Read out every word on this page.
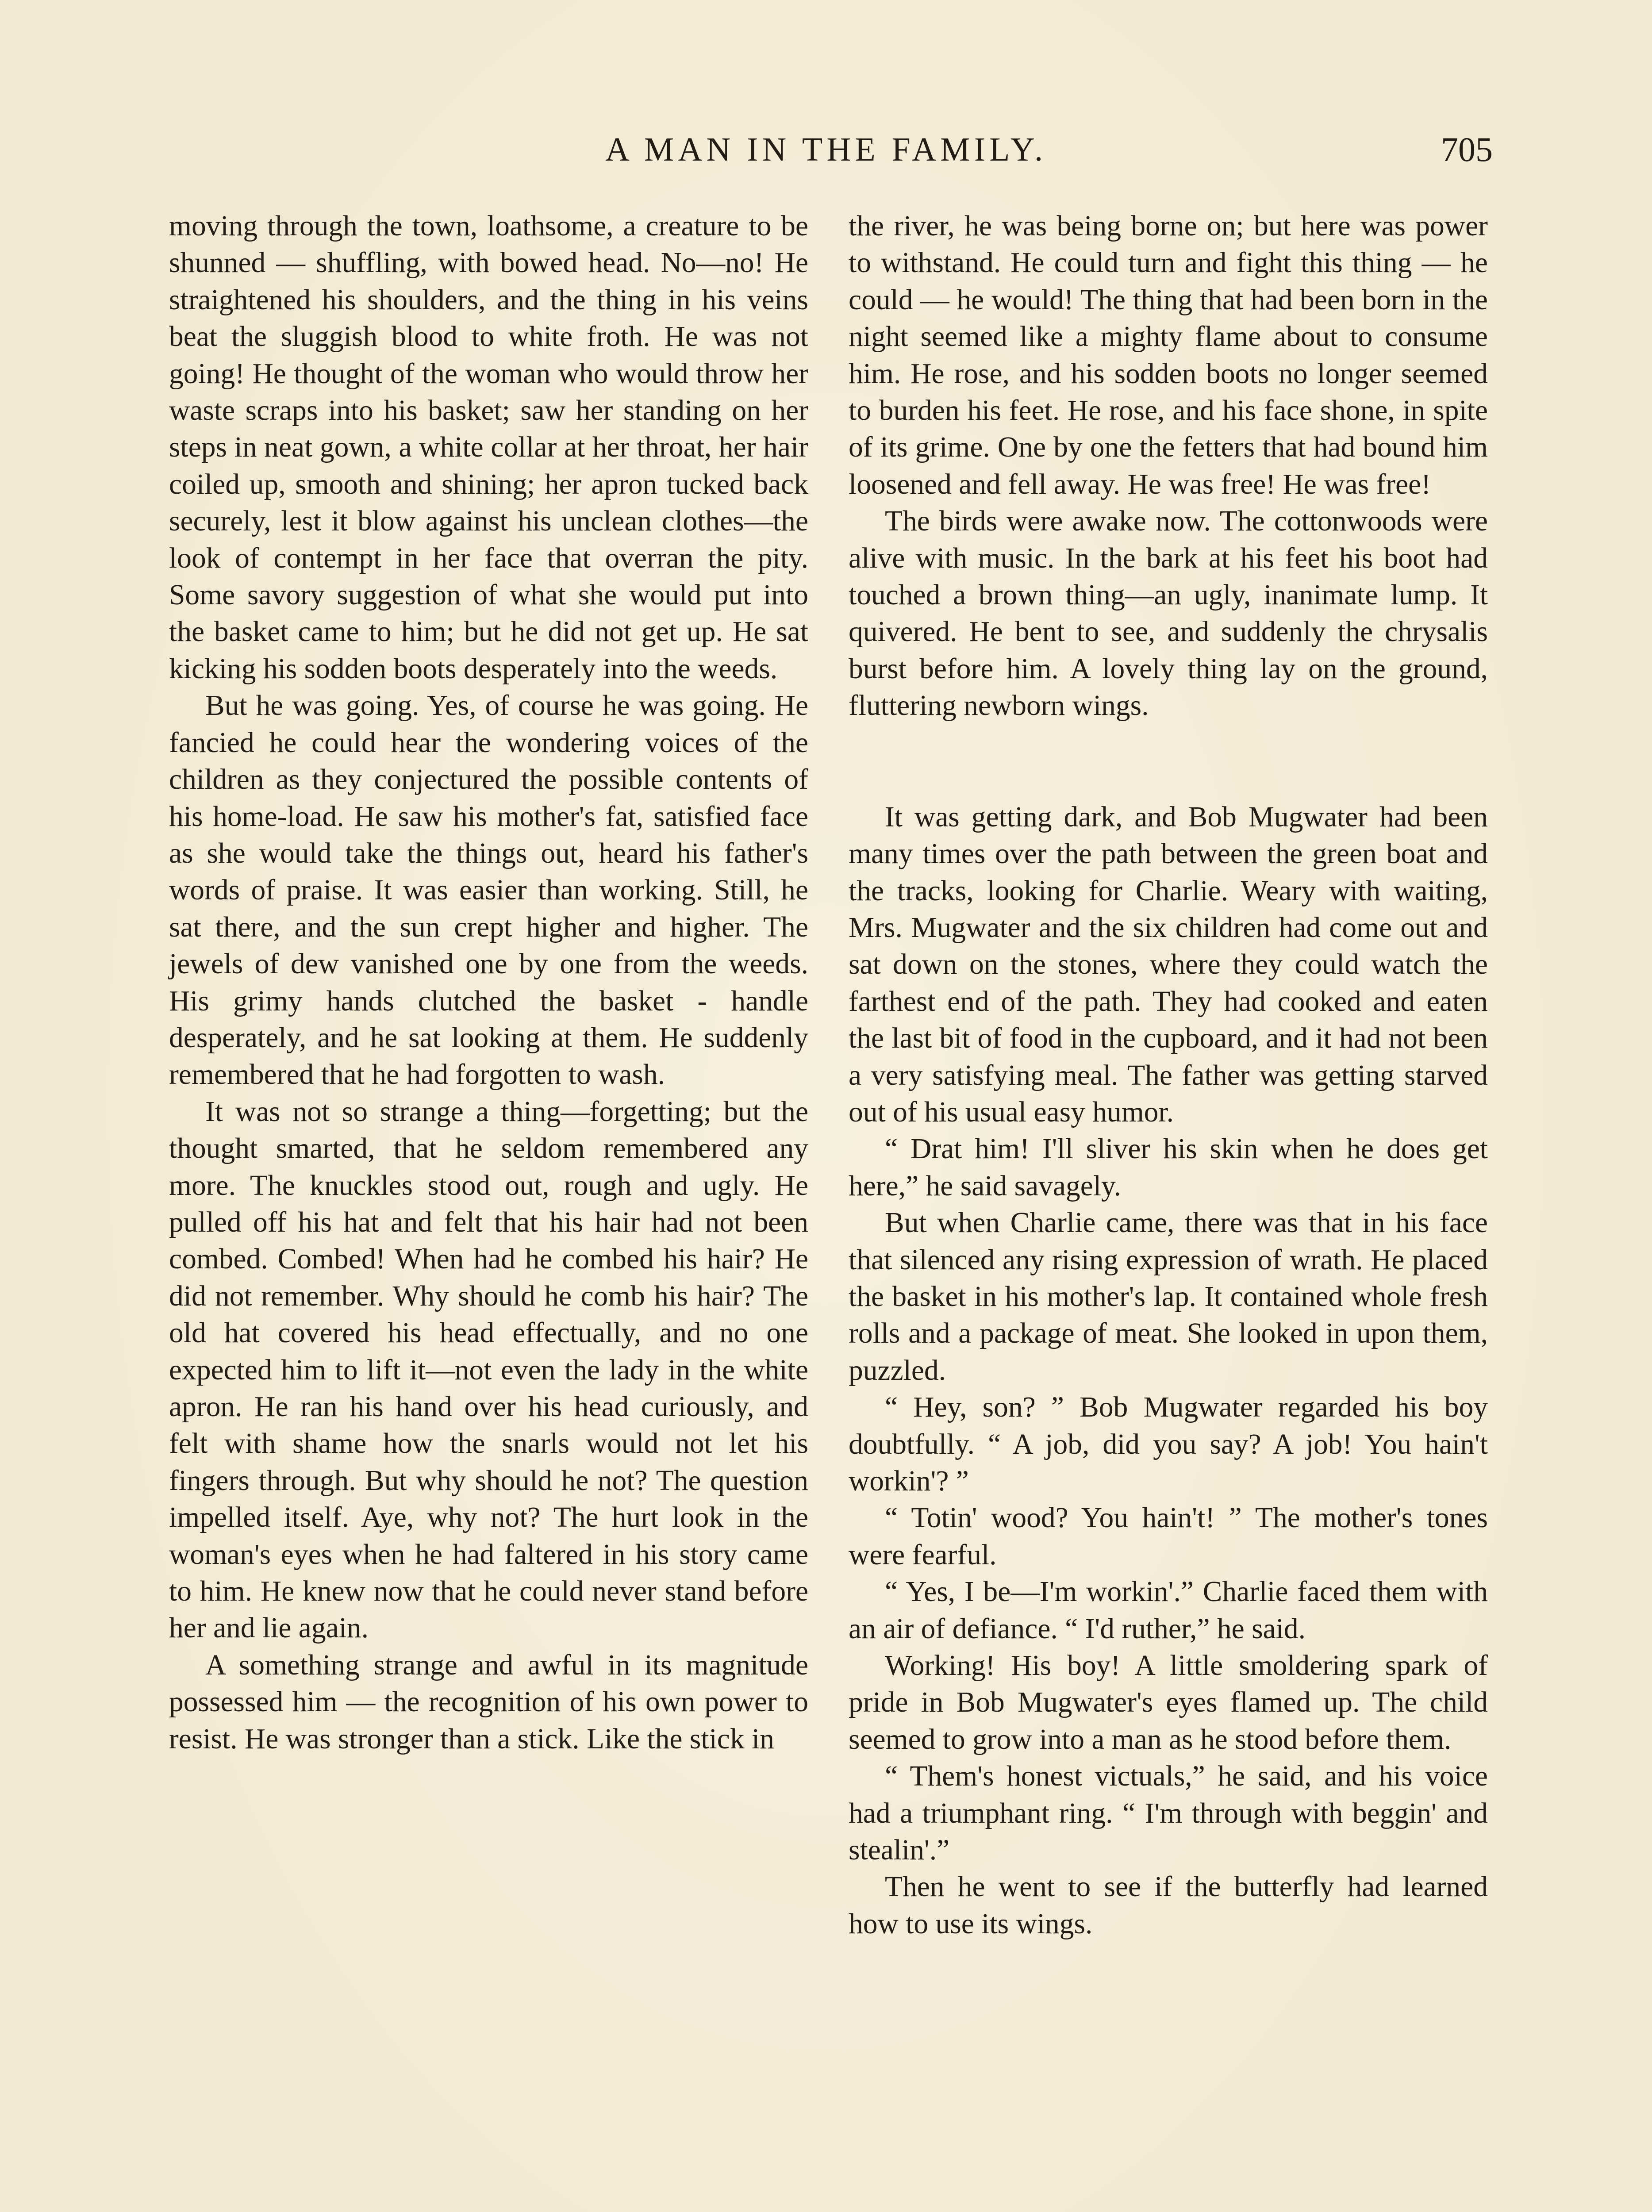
A MAN IN THE FAMILY.	705

moving through the town, loathsome, a creature to be shunned — shuffling, with bowed head. No—no! He straightened his shoulders, and the thing in his veins beat the sluggish blood to white froth. He was not going! He thought of the woman who would throw her waste scraps into his basket; saw her standing on her steps in neat gown, a white collar at her throat, her hair coiled up, smooth and shining; her apron tucked back securely, lest it blow against his unclean clothes—the look of contempt in her face that overran the pity. Some savory suggestion of what she would put into the basket came to him; but he did not get up. He sat kicking his sodden boots desperately into the weeds.

But he was going. Yes, of course he was going. He fancied he could hear the wondering voices of the children as they conjectured the possible contents of his home-load. He saw his mother's fat, satisfied face as she would take the things out, heard his father's words of praise. It was easier than working. Still, he sat there, and the sun crept higher and higher. The jewels of dew vanished one by one from the weeds. His grimy hands clutched the basket - handle desperately, and he sat looking at them. He suddenly remembered that he had forgotten to wash.

It was not so strange a thing—forgetting; but the thought smarted, that he seldom remembered any more. The knuckles stood out, rough and ugly. He pulled off his hat and felt that his hair had not been combed. Combed! When had he combed his hair? He did not remember. Why should he comb his hair? The old hat covered his head effectually, and no one expected him to lift it—not even the lady in the white apron. He ran his hand over his head curiously, and felt with shame how the snarls would not let his fingers through. But why should he not? The question impelled itself. Aye, why not? The hurt look in the woman's eyes when he had faltered in his story came to him. He knew now that he could never stand before her and lie again.

A something strange and awful in its magnitude possessed him — the recognition of his own power to resist. He was stronger than a stick. Like the stick in

the river, he was being borne on; but here was power to withstand. He could turn and fight this thing — he could — he would! The thing that had been born in the night seemed like a mighty flame about to consume him. He rose, and his sodden boots no longer seemed to burden his feet. He rose, and his face shone, in spite of its grime. One by one the fetters that had bound him loosened and fell away. He was free! He was free!

The birds were awake now. The cottonwoods were alive with music. In the bark at his feet his boot had touched a brown thing—an ugly, inanimate lump. It quivered. He bent to see, and suddenly the chrysalis burst before him. A lovely thing lay on the ground, fluttering newborn wings.

It was getting dark, and Bob Mugwater had been many times over the path between the green boat and the tracks, looking for Charlie. Weary with waiting, Mrs. Mugwater and the six children had come out and sat down on the stones, where they could watch the farthest end of the path. They had cooked and eaten the last bit of food in the cupboard, and it had not been a very satisfying meal. The father was getting starved out of his usual easy humor.

“ Drat him! I'll sliver his skin when he does get here,” he said savagely.

But when Charlie came, there was that in his face that silenced any rising expression of wrath. He placed the basket in his mother's lap. It contained whole fresh rolls and a package of meat. She looked in upon them, puzzled.

“ Hey, son? ” Bob Mugwater regarded his boy doubtfully. “ A job, did you say? A job! You hain't workin'? ”

“ Totin' wood? You hain't! ” The mother's tones were fearful.

“ Yes, I be—I'm workin'.” Charlie faced them with an air of defiance. “ I'd ruther,” he said.

Working! His boy! A little smoldering spark of pride in Bob Mugwater's eyes flamed up. The child seemed to grow into a man as he stood before them.

“ Them's honest victuals,” he said, and his voice had a triumphant ring. “ I'm through with beggin' and stealin'.”

Then he went to see if the butterfly had learned how to use its wings.
